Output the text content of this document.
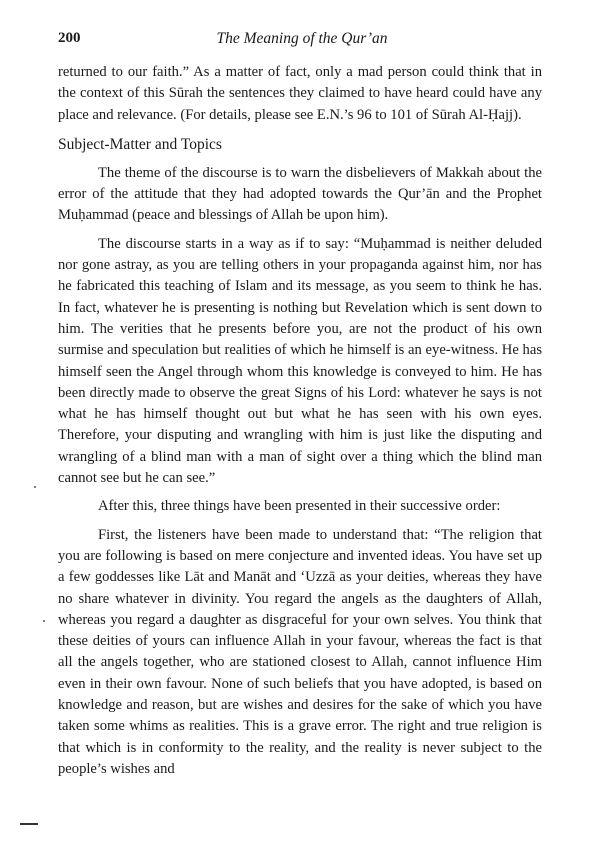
200	The Meaning of the Qur’an

returned to our faith.” As a matter of fact, only a mad person could think that in the context of this Sūrah the sentences they claimed to have heard could have any place and relevance. (For details, please see E.N.’s 96 to 101 of Sūrah Al-Ḥajj).

Subject-Matter and Topics

The theme of the discourse is to warn the disbelievers of Makkah about the error of the attitude that they had adopted towards the Qur’ān and the Prophet Muḥammad (peace and blessings of Allah be upon him).

The discourse starts in a way as if to say: “Muḥammad is neither deluded nor gone astray, as you are telling others in your propaganda against him, nor has he fabricated this teaching of Islam and its message, as you seem to think he has. In fact, whatever he is presenting is nothing but Revelation which is sent down to him. The verities that he presents before you, are not the product of his own surmise and speculation but realities of which he himself is an eye-witness. He has himself seen the Angel through whom this knowledge is conveyed to him. He has been directly made to observe the great Signs of his Lord: whatever he says is not what he has himself thought out but what he has seen with his own eyes. Therefore, your disputing and wrangling with him is just like the disputing and wrangling of a blind man with a man of sight over a thing which the blind man cannot see but he can see.”

After this, three things have been presented in their successive order:

First, the listeners have been made to understand that: “The religion that you are following is based on mere conjecture and invented ideas. You have set up a few goddesses like Lāt and Manāt and ‘Uzzā as your deities, whereas they have no share whatever in divinity. You regard the angels as the daughters of Allah, whereas you regard a daughter as disgraceful for your own selves. You think that these deities of yours can influence Allah in your favour, whereas the fact is that all the angels together, who are stationed closest to Allah, cannot influence Him even in their own favour. None of such beliefs that you have adopted, is based on knowledge and reason, but are wishes and desires for the sake of which you have taken some whims as realities. This is a grave error. The right and true religion is that which is in conformity to the reality, and the reality is never subject to the people’s wishes and
